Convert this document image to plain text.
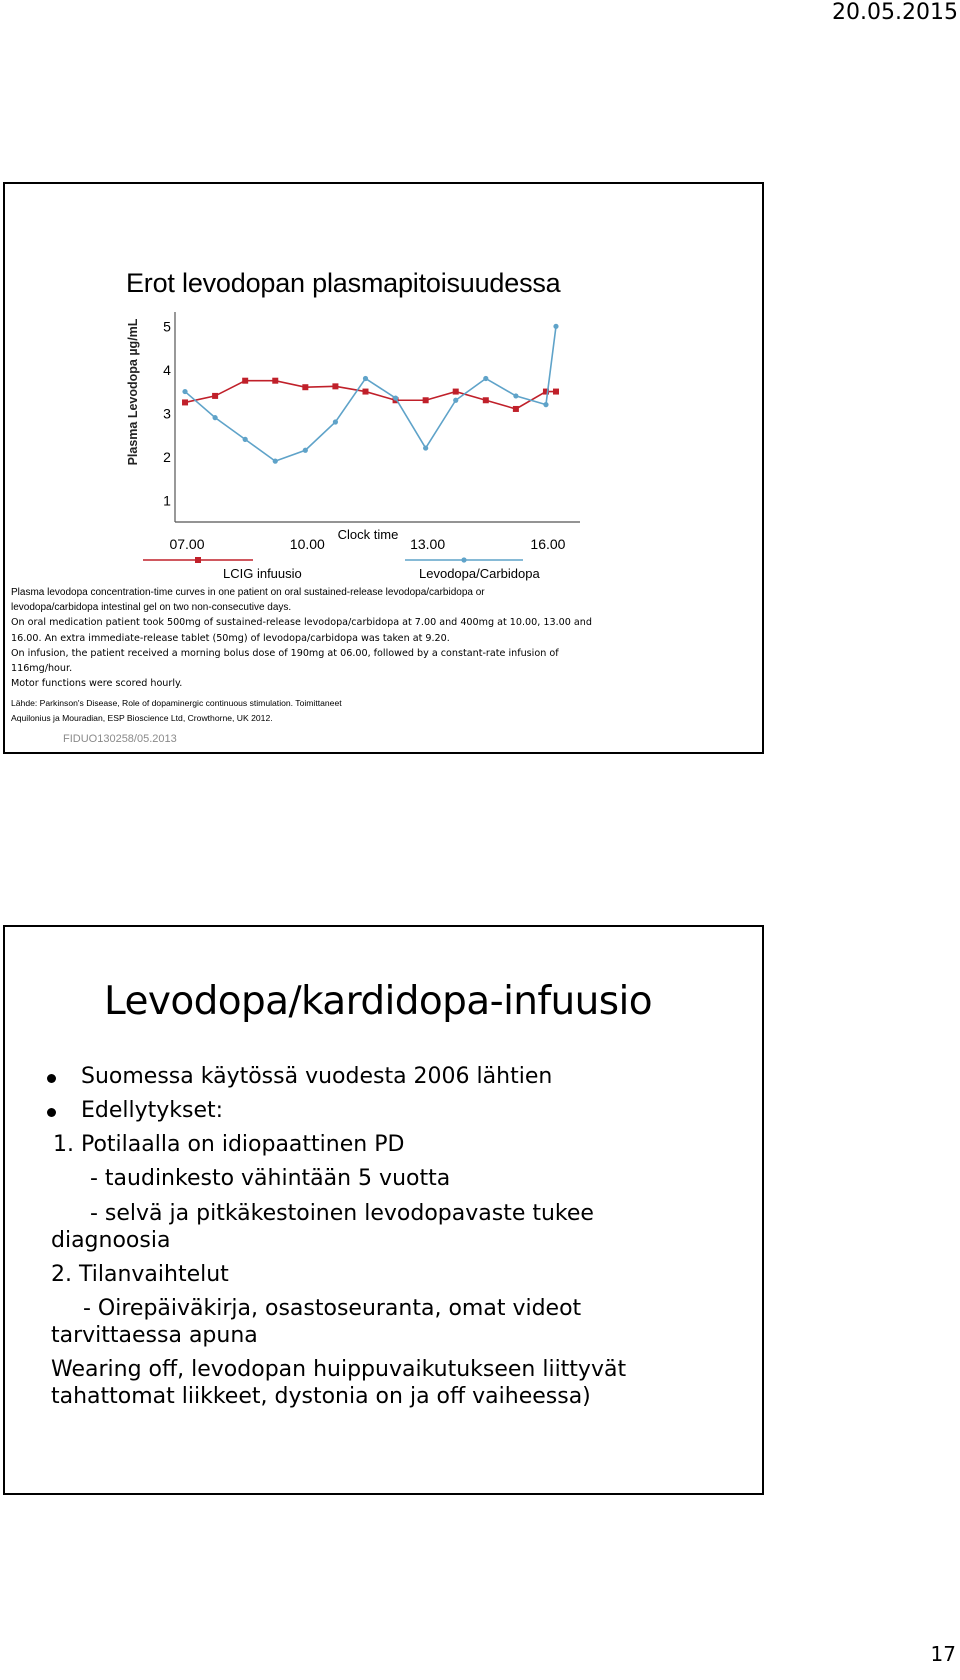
20.05.2015
Erot levodopan plasmapitoisuudessa
1
2
3
4
5
07.00	10.00	13.00	16.00
Plasma Levodopa µg/mL
Clock time
LCIG infuusio	Levodopa/Carbidopa
Plasma levodopa concentration-time curves in one patient on oral sustained-release levodopa/carbidopa or
levodopa/carbidopa intestinal gel on two non-consecutive days.
On oral medication patient took 500mg of sustained-release levodopa/carbidopa at 7.00 and 400mg at 10.00, 13.00 and
16.00. An extra immediate-release tablet (50mg) of levodopa/carbidopa was taken at 9.20.
On infusion, the patient received a morning bolus dose of 190mg at 06.00, followed by a constant-rate infusion of
116mg/hour.
Motor functions were scored hourly.
Lähde: Parkinson's Disease, Role of dopaminergic continuous stimulation. Toimittaneet
Aquilonius ja Mouradian, ESP Bioscience Ltd, Crowthorne, UK 2012.
FIDUO130258/05.2013
Levodopa/kardidopa-infuusio
Suomessa käytössä vuodesta 2006 lähtien
Edellytykset:
1. Potilaalla on idiopaattinen PD
- taudinkesto vähintään 5 vuotta
- selvä ja pitkäkestoinen levodopavaste tukee
diagnoosia
2. Tilanvaihtelut
- Oirepäiväkirja, osastoseuranta, omat videot
tarvittaessa apuna
Wearing off, levodopan huippuvaikutukseen liittyvät
tahattomat liikkeet, dystonia on ja off vaiheessa)
17
